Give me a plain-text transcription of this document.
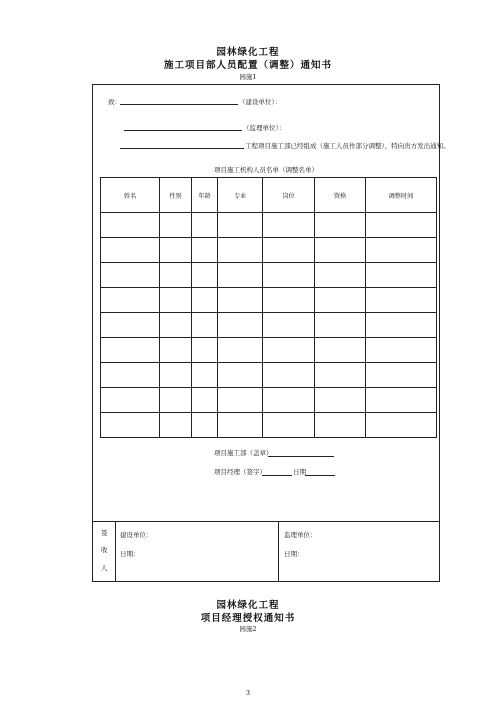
园林绿化工程
施工项目部人员配置（调整）通知书
园施1
致：	（建设单位）：
（监理单位）：
工程项目施工部已经组成（施工人员作部分调整），特向贵方发出通知。
项目施工机构人员名单（调整名单）
姓名	性别	年龄	专业	岗位	资格	调整时间

项目施工部（盖章）
项目经理（签字）	日期
签
收
人
建设单位：
日期：
监理单位：
日期：
园林绿化工程
项目经理授权通知书
园施2
3
